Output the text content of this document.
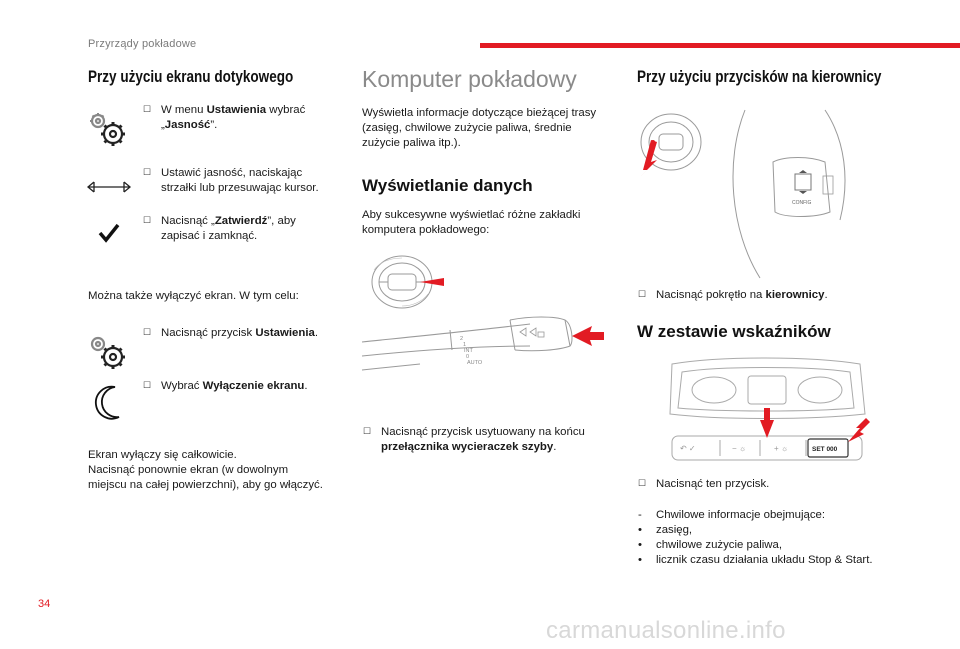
Przyrządy pokładowe
34
carmanualsonline.info
Przy użyciu ekranu dotykowego
☐ W menu Ustawienia wybrać
„Jasność”.
☐ Ustawić jasność, naciskając
strzałki lub przesuwając kursor.
☐ Nacisnąć „Zatwierdź”, aby
zapisać i zamknąć.
Można także wyłączyć ekran. W tym celu:
☐ Nacisnąć przycisk Ustawienia.
☐ Wybrać Wyłączenie ekranu.
Ekran wyłączy się całkowicie.
Nacisnąć ponownie ekran (w dowolnym
miejscu na całej powierzchni), aby go włączyć.
Komputer pokładowy
Wyświetla informacje dotyczące bieżącej trasy
(zasięg, chwilowe zużycie paliwa, średnie
zużycie paliwa itp.).
Wyświetlanie danych
Aby sukcesywne wyświetlać różne zakładki
komputera pokładowego:
2
1
INT
0
AUTO
☐ Nacisnąć przycisk usytuowany na końcu
przełącznika wycieraczek szyby.
Przy użyciu przycisków na kierownicy
CONFIG
☐ Nacisnąć pokrętło na kierownicy.
W zestawie wskaźników
↶ ✓	− ☼	+ ☼	SET 000
☐ Nacisnąć ten przycisk.
-	Chwilowe informacje obejmujące:
• zasięg,
• chwilowe zużycie paliwa,
• licznik czasu działania układu Stop & Start.
